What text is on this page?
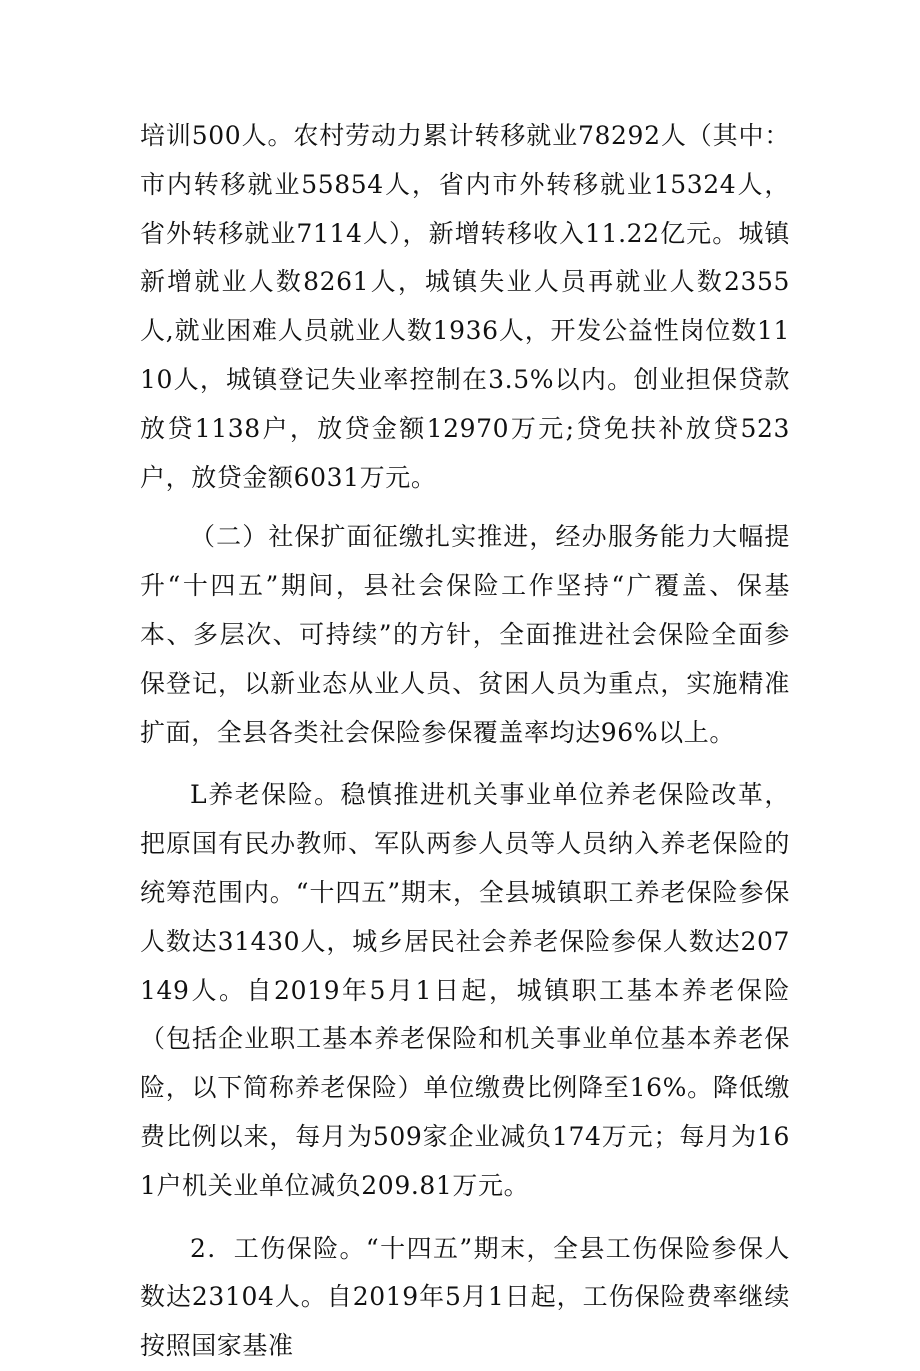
培训500人。农村劳动力累计转移就业78292人（其中：市内转移就业55854人，省内市外转移就业15324人，省外转移就业7114人），新增转移收入11.22亿元。城镇新增就业人数8261人，城镇失业人员再就业人数2355人,就业困难人员就业人数1936人，开发公益性岗位数1110人，城镇登记失业率控制在3.5%以内。创业担保贷款放贷1138户，放贷金额12970万元;贷免扶补放贷523户，放贷金额6031万元。

（二）社保扩面征缴扎实推进，经办服务能力大幅提升“十四五”期间，县社会保险工作坚持“广覆盖、保基本、多层次、可持续”的方针，全面推进社会保险全面参保登记，以新业态从业人员、贫困人员为重点，实施精准扩面，全县各类社会保险参保覆盖率均达96%以上。

L养老保险。稳慎推进机关事业单位养老保险改革，把原国有民办教师、军队两参人员等人员纳入养老保险的统筹范围内。“十四五”期末，全县城镇职工养老保险参保人数达31430人，城乡居民社会养老保险参保人数达207149人。自2019年5月1日起，城镇职工基本养老保险（包括企业职工基本养老保险和机关事业单位基本养老保险，以下简称养老保险）单位缴费比例降至16%。降低缴费比例以来，每月为509家企业减负174万元；每月为161户机关业单位减负209.81万元。

2．工伤保险。“十四五”期末，全县工伤保险参保人数达23104人。自2019年5月1日起，工伤保险费率继续按照国家基准
